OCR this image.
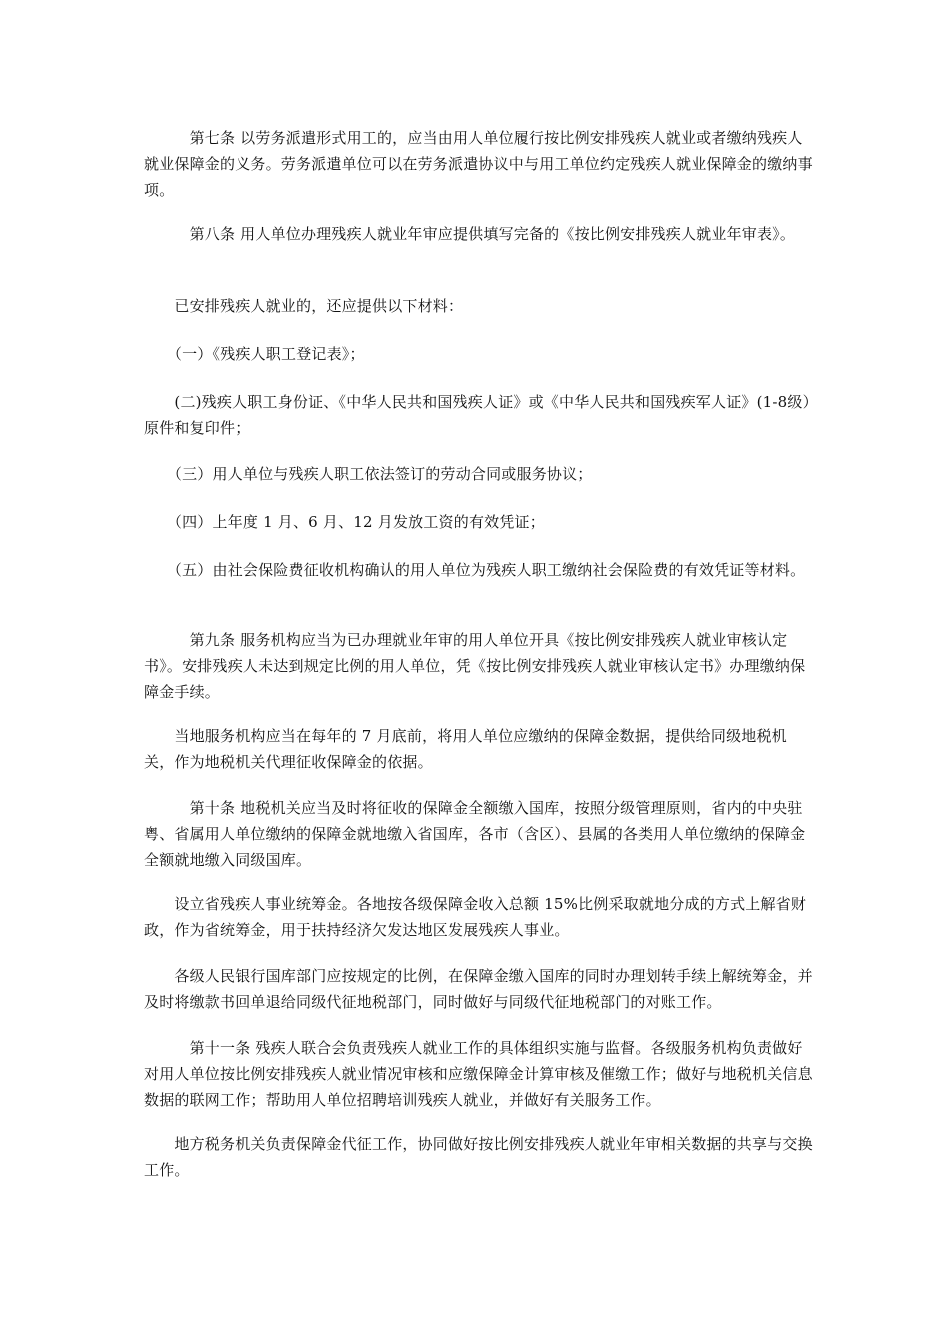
　　　第七条 以劳务派遣形式用工的，应当由用人单位履行按比例安排残疾人就业或者缴纳残疾人就业保障金的义务。劳务派遣单位可以在劳务派遣协议中与用工单位约定残疾人就业保障金的缴纳事项。

　　　第八条 用人单位办理残疾人就业年审应提供填写完备的《按比例安排残疾人就业年审表》。

　　已安排残疾人就业的，还应提供以下材料：

　　（一）《残疾人职工登记表》；

　　(二)残疾人职工身份证、《中华人民共和国残疾人证》或《中华人民共和国残疾军人证》(1-8级）原件和复印件；

　　（三）用人单位与残疾人职工依法签订的劳动合同或服务协议；

　　（四）上年度 1 月、6 月、12 月发放工资的有效凭证；

　　（五）由社会保险费征收机构确认的用人单位为残疾人职工缴纳社会保险费的有效凭证等材料。

　　　第九条 服务机构应当为已办理就业年审的用人单位开具《按比例安排残疾人就业审核认定书》。安排残疾人未达到规定比例的用人单位，凭《按比例安排残疾人就业审核认定书》办理缴纳保障金手续。

　　当地服务机构应当在每年的 7 月底前，将用人单位应缴纳的保障金数据，提供给同级地税机关，作为地税机关代理征收保障金的依据。

　　　第十条 地税机关应当及时将征收的保障金全额缴入国库，按照分级管理原则，省内的中央驻粤、省属用人单位缴纳的保障金就地缴入省国库，各市（含区）、县属的各类用人单位缴纳的保障金全额就地缴入同级国库。

　　设立省残疾人事业统筹金。各地按各级保障金收入总额 15%比例采取就地分成的方式上解省财政，作为省统筹金，用于扶持经济欠发达地区发展残疾人事业。

　　各级人民银行国库部门应按规定的比例，在保障金缴入国库的同时办理划转手续上解统筹金，并及时将缴款书回单退给同级代征地税部门，同时做好与同级代征地税部门的对账工作。

　　　第十一条 残疾人联合会负责残疾人就业工作的具体组织实施与监督。各级服务机构负责做好对用人单位按比例安排残疾人就业情况审核和应缴保障金计算审核及催缴工作；做好与地税机关信息数据的联网工作；帮助用人单位招聘培训残疾人就业，并做好有关服务工作。

　　地方税务机关负责保障金代征工作，协同做好按比例安排残疾人就业年审相关数据的共享与交换工作。
